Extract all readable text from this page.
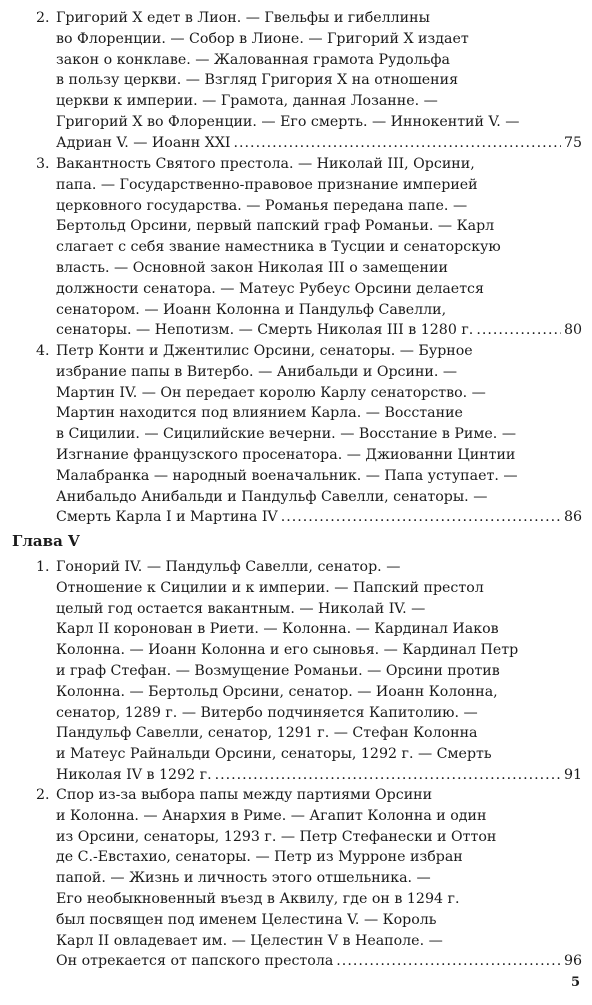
2. Григорий X едет в Лион. — Гвельфы и гибеллины
во Флоренции. — Собор в Лионе. — Григорий X издает
закон о конклаве. — Жалованная грамота Рудольфа
в пользу церкви. — Взгляд Григория X на отношения
церкви к империи. — Грамота, данная Лозанне. —
Григорий X во Флоренции. — Его смерть. — Иннокентий V. —
Адриан V. — Иоанн XXI .....	75
3. Вакантность Святого престола. — Николай III, Орсини,
папа. — Государственно-правовое признание империей
церковного государства. — Романья передана папе. —
Бертольд Орсини, первый папский граф Романьи. — Карл
слагает с себя звание наместника в Тусции и сенаторскую
власть. — Основной закон Николая III о замещении
должности сенатора. — Матеус Рубеус Орсини делается
сенатором. — Иоанн Колонна и Пандульф Савелли,
сенаторы. — Непотизм. — Смерть Николая III в 1280 г. .....	80
4. Петр Конти и Джентилис Орсини, сенаторы. — Бурное
избрание папы в Витербо. — Анибальди и Орсини. —
Мартин IV. — Он передает королю Карлу сенаторство. —
Мартин находится под влиянием Карла. — Восстание
в Сицилии. — Сицилийские вечерни. — Восстание в Риме. —
Изгнание французского просенатора. — Джиованни Цинтии
Малабранка — народный военачальник. — Папа уступает. —
Анибальдо Анибальди и Пандульф Савелли, сенаторы. —
Смерть Карла I и Мартина IV .....	86
1. Гонорий IV. — Пандульф Савелли, сенатор. —
Отношение к Сицилии и к империи. — Папский престол
целый год остается вакантным. — Николай IV. —
Карл II коронован в Риети. — Колонна. — Кардинал Иаков
Колонна. — Иоанн Колонна и его сыновья. — Кардинал Петр
и граф Стефан. — Возмущение Романьи. — Орсини против
Колонна. — Бертольд Орсини, сенатор. — Иоанн Колонна,
сенатор, 1289 г. — Витербо подчиняется Капитолию. —
Пандульф Савелли, сенатор, 1291 г. — Стефан Колонна
и Матеус Райнальди Орсини, сенаторы, 1292 г. — Смерть
Николая IV в 1292 г. .....	91
2. Спор из-за выбора папы между партиями Орсини
и Колонна. — Анархия в Риме. — Агапит Колонна и один
из Орсини, сенаторы, 1293 г. — Петр Стефанески и Оттон
де С.-Евстахио, сенаторы. — Петр из Мурроне избран
папой. — Жизнь и личность этого отшельника. —
Его необыкновенный въезд в Аквилу, где он в 1294 г.
был посвящен под именем Целестина V. — Король
Карл II овладевает им. — Целестин V в Неаполе. —
Он отрекается от папского престола .....	96
Глава V
5
